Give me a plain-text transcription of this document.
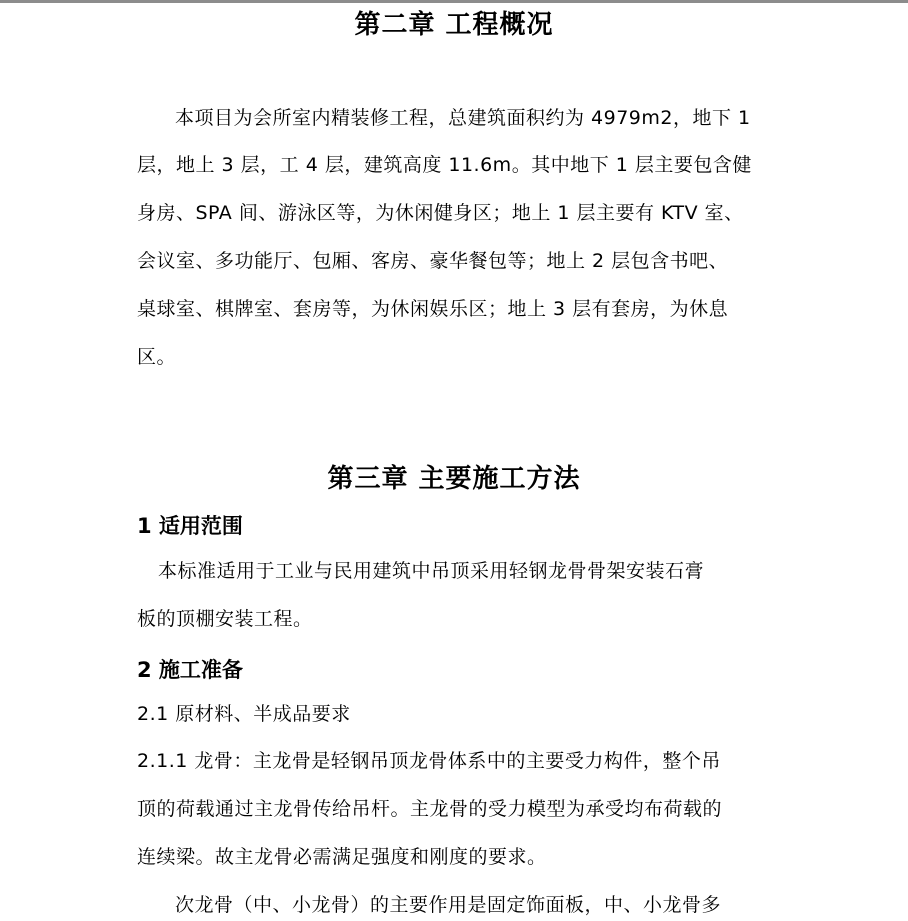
第二章 工程概况
本项目为会所室内精装修工程，总建筑面积约为 4979m2，地下 1
层，地上 3 层，工 4 层，建筑高度 11.6m。其中地下 1 层主要包含健
身房、SPA 间、游泳区等，为休闲健身区；地上 1 层主要有 KTV 室、
会议室、多功能厅、包厢、客房、豪华餐包等；地上 2 层包含书吧、
桌球室、棋牌室、套房等，为休闲娱乐区；地上 3 层有套房，为休息
区。
第三章 主要施工方法
1 适用范围
本标准适用于工业与民用建筑中吊顶采用轻钢龙骨骨架安装石膏
板的顶棚安装工程。
2 施工准备
2.1 原材料、半成品要求
2.1.1 龙骨：主龙骨是轻钢吊顶龙骨体系中的主要受力构件，整个吊
顶的荷载通过主龙骨传给吊杆。主龙骨的受力模型为承受均布荷载的
连续梁。故主龙骨必需满足强度和刚度的要求。
次龙骨（中、小龙骨）的主要作用是固定饰面板，中、小龙骨多
